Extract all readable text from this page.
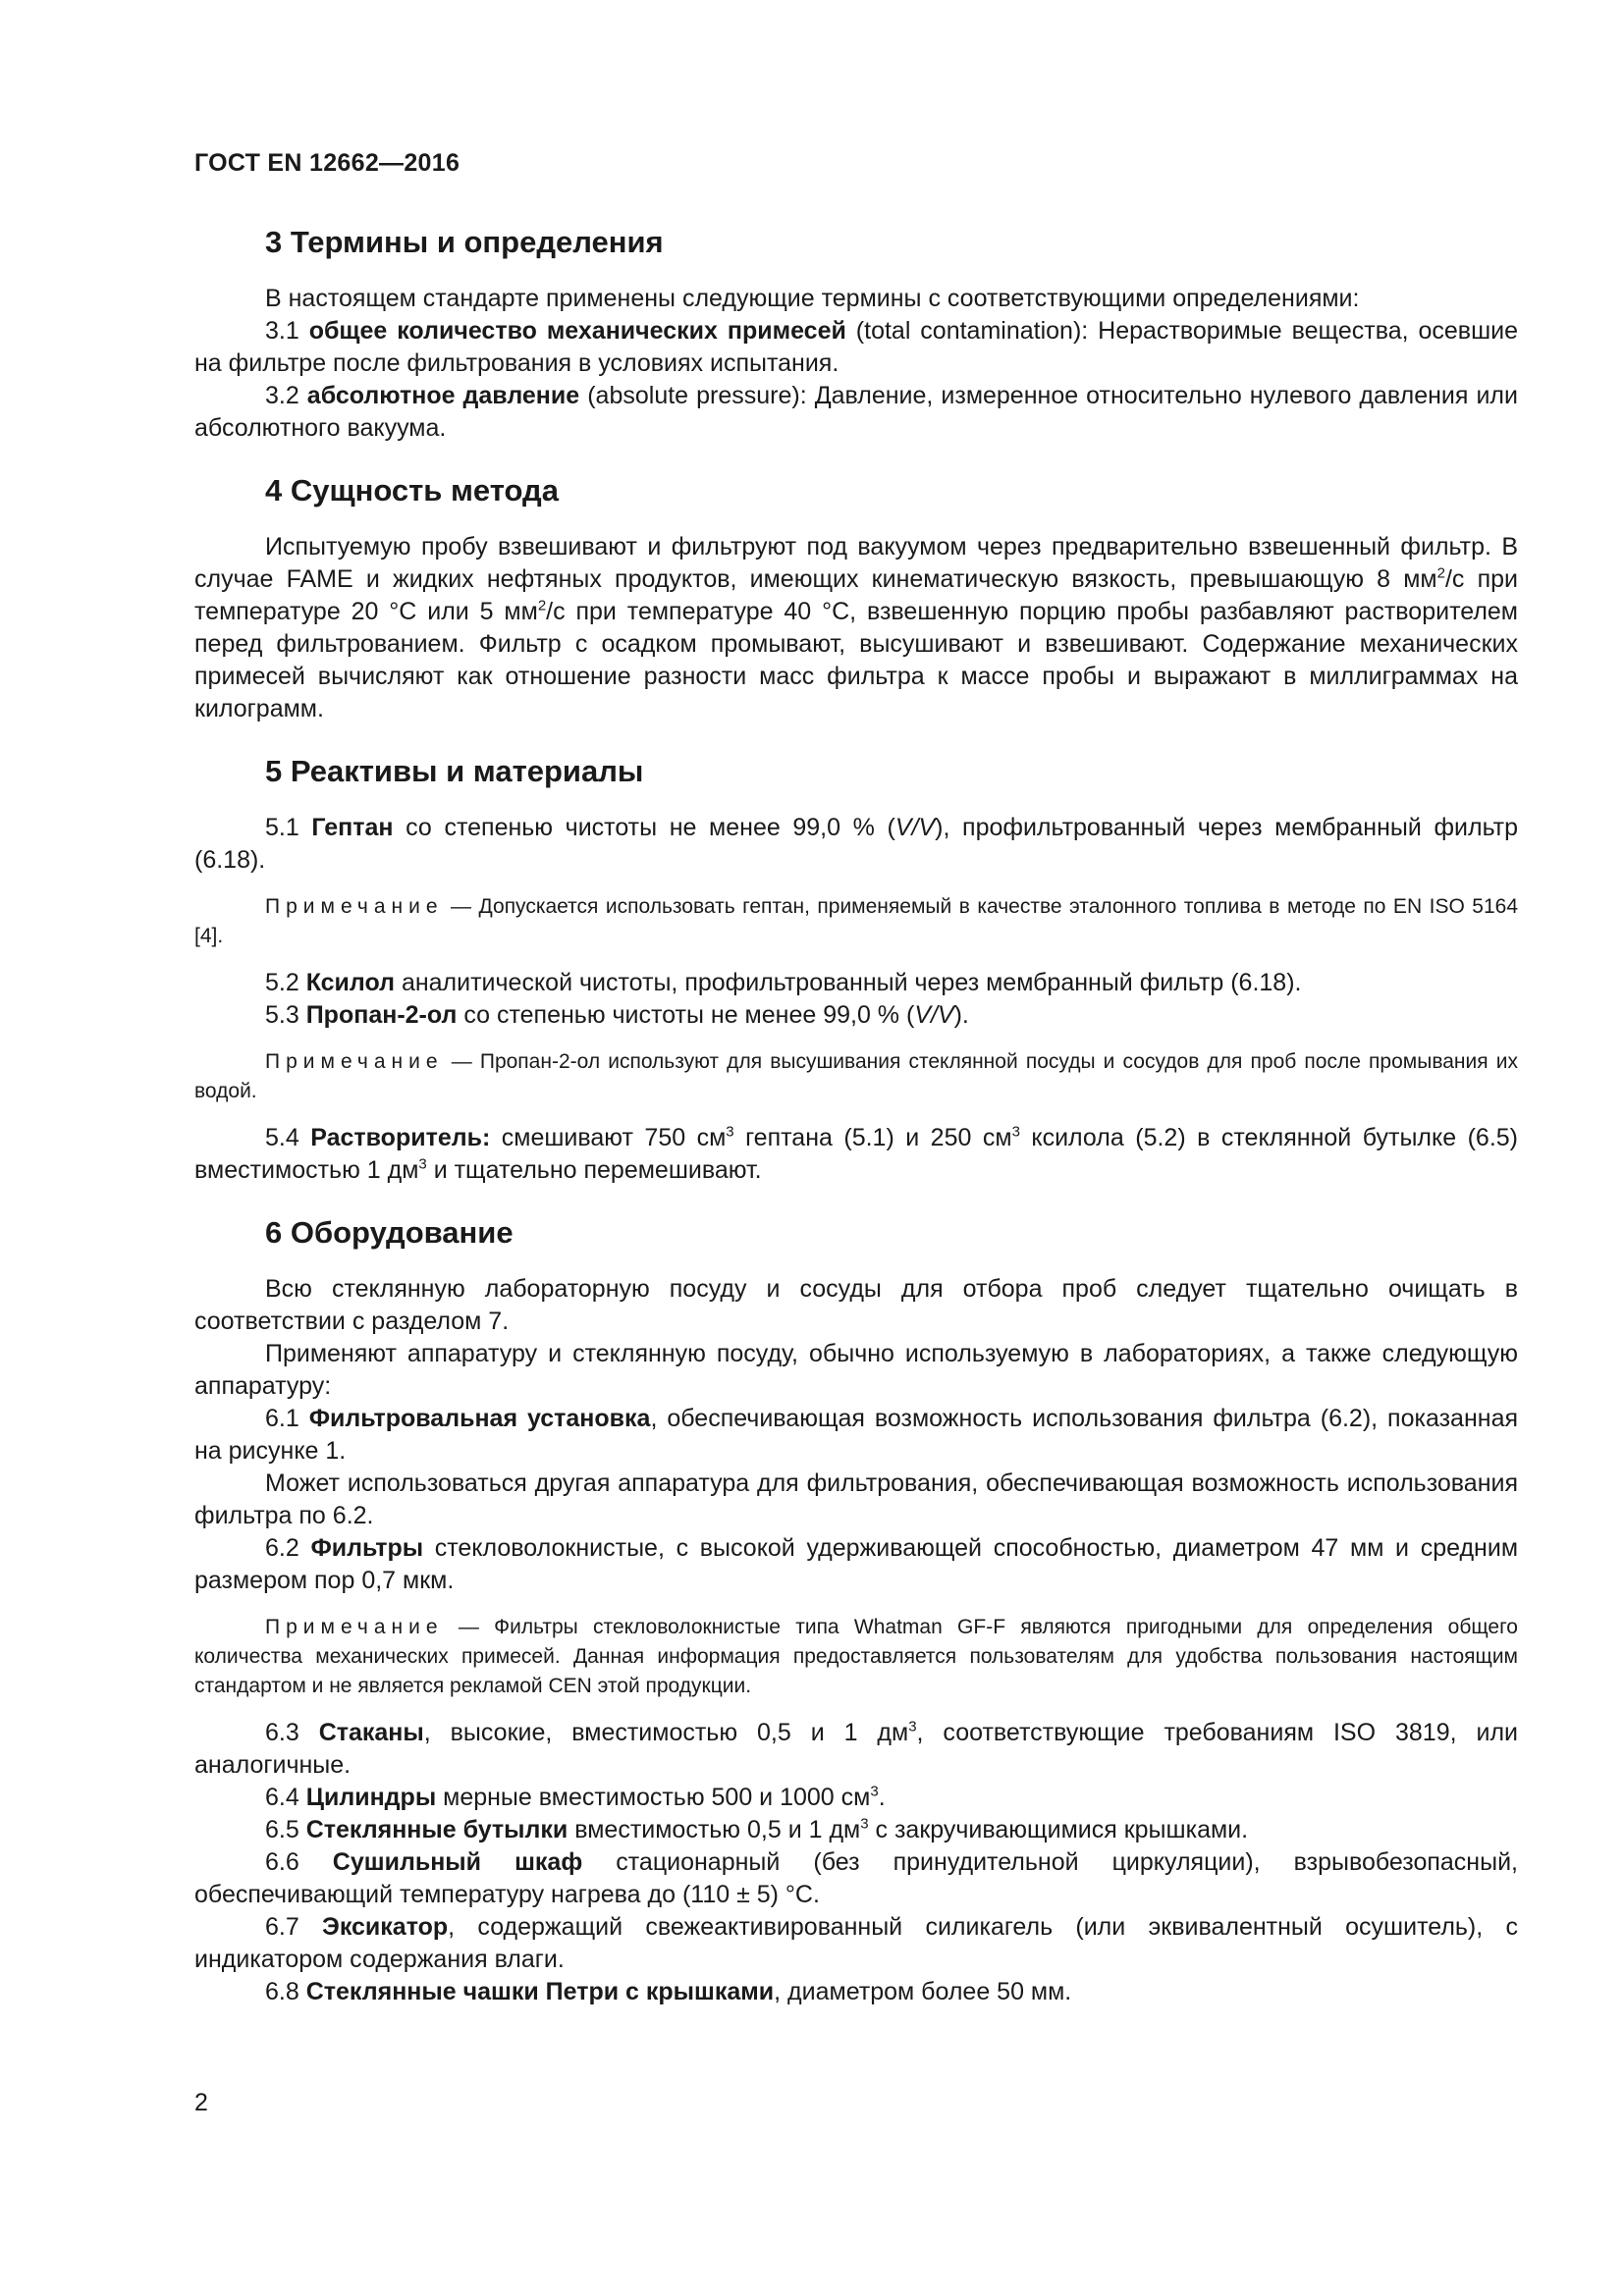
ГОСТ EN 12662—2016
3 Термины и определения

В настоящем стандарте применены следующие термины с соответствующими определениями:

3.1 общее количество механических примесей (total contamination): Нерастворимые вещества, осевшие на фильтре после фильтрования в условиях испытания.

3.2 абсолютное давление (absolute pressure): Давление, измеренное относительно нулевого давления или абсолютного вакуума.

4 Сущность метода

Испытуемую пробу взвешивают и фильтруют под вакуумом через предварительно взвешенный фильтр. В случае FAME и жидких нефтяных продуктов, имеющих кинематическую вязкость, превышающую 8 $мм^2/с$ при температуре 20 °С или 5 $мм^2/с$ при температуре 40 °С, взвешенную порцию пробы разбавляют растворителем перед фильтрованием. Фильтр с осадком промывают, высушивают и взвешивают. Содержание механических примесей вычисляют как отношение разности масс фильтра к массе пробы и выражают в миллиграммах на килограмм.

5 Реактивы и материалы

5.1 Гептан со степенью чистоты не менее 99,0 % (V/V), профильтрованный через мембранный фильтр (6.18).

Примечание — Допускается использовать гептан, применяемый в качестве эталонного топлива в методе по EN ISO 5164 [4].

5.2 Ксилол аналитической чистоты, профильтрованный через мембранный фильтр (6.18).

5.3 Пропан-2-ол со степенью чистоты не менее 99,0 % (V/V).

Примечание — Пропан-2-ол используют для высушивания стеклянной посуды и сосудов для проб после промывания их водой.

5.4 Растворитель: смешивают 750 $см^3$ гептана (5.1) и 250 $см^3$ ксилола (5.2) в стеклянной бутылке (6.5) вместимостью 1 $дм^3$ и тщательно перемешивают.

6 Оборудование

Всю стеклянную лабораторную посуду и сосуды для отбора проб следует тщательно очищать в соответствии с разделом 7.

Применяют аппаратуру и стеклянную посуду, обычно используемую в лабораториях, а также следующую аппаратуру:

6.1 Фильтровальная установка, обеспечивающая возможность использования фильтра (6.2), показанная на рисунке 1.

Может использоваться другая аппаратура для фильтрования, обеспечивающая возможность использования фильтра по 6.2.

6.2 Фильтры стекловолокнистые, с высокой удерживающей способностью, диаметром 47 мм и средним размером пор 0,7 мкм.

Примечание — Фильтры стекловолокнистые типа Whatman GF-F являются пригодными для определения общего количества механических примесей. Данная информация предоставляется пользователям для удобства пользования настоящим стандартом и не является рекламой CEN этой продукции.

6.3 Стаканы, высокие, вместимостью 0,5 и 1 $дм^3$, соответствующие требованиям ISO 3819, или аналогичные.

6.4 Цилиндры мерные вместимостью 500 и 1000 $см^3$.

6.5 Стеклянные бутылки вместимостью 0,5 и 1 $дм^3$ с закручивающимися крышками.

6.6 Сушильный шкаф стационарный (без принудительной циркуляции), взрывобезопасный, обеспечивающий температуру нагрева до (110 ± 5) °С.

6.7 Эксикатор, содержащий свежеактивированный силикагель (или эквивалентный осушитель), с индикатором содержания влаги.

6.8 Стеклянные чашки Петри с крышками, диаметром более 50 мм.

2
